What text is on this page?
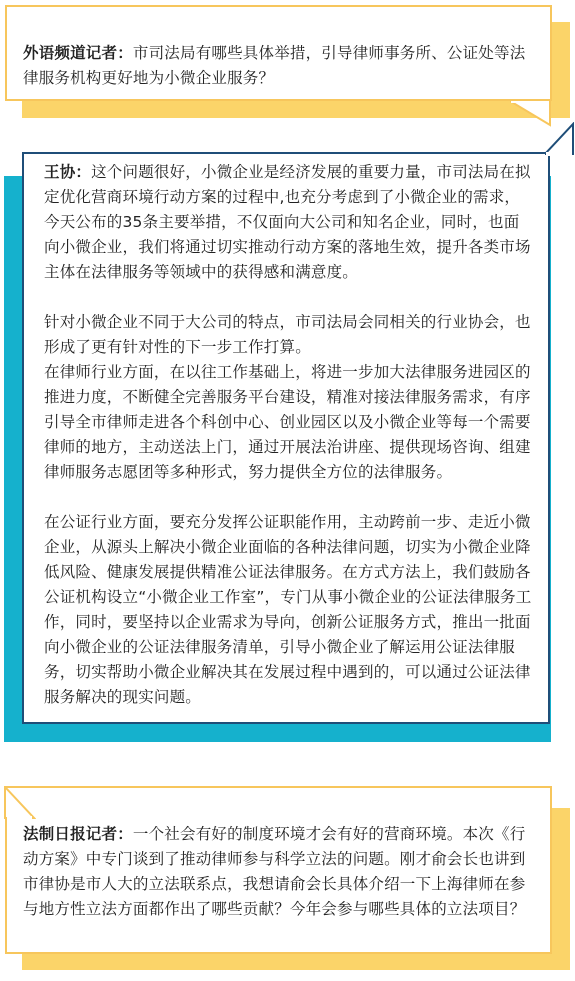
外语频道记者：市司法局有哪些具体举措，引导律师事务所、公证处等法律服务机构更好地为小微企业服务？

王协：这个问题很好，小微企业是经济发展的重要力量，市司法局在拟定优化营商环境行动方案的过程中,也充分考虑到了小微企业的需求，今天公布的35条主要举措，不仅面向大公司和知名企业，同时，也面向小微企业，我们将通过切实推动行动方案的落地生效，提升各类市场主体在法律服务等领域中的获得感和满意度。

针对小微企业不同于大公司的特点，市司法局会同相关的行业协会，也形成了更有针对性的下一步工作打算。

在律师行业方面，在以往工作基础上，将进一步加大法律服务进园区的推进力度，不断健全完善服务平台建设，精准对接法律服务需求，有序引导全市律师走进各个科创中心、创业园区以及小微企业等每一个需要律师的地方，主动送法上门，通过开展法治讲座、提供现场咨询、组建律师服务志愿团等多种形式，努力提供全方位的法律服务。

在公证行业方面，要充分发挥公证职能作用，主动跨前一步、走近小微企业，从源头上解决小微企业面临的各种法律问题，切实为小微企业降低风险、健康发展提供精准公证法律服务。在方式方法上，我们鼓励各公证机构设立“小微企业工作室”，专门从事小微企业的公证法律服务工作，同时，要坚持以企业需求为导向，创新公证服务方式，推出一批面向小微企业的公证法律服务清单，引导小微企业了解运用公证法律服务，切实帮助小微企业解决其在发展过程中遇到的，可以通过公证法律服务解决的现实问题。

法制日报记者：一个社会有好的制度环境才会有好的营商环境。本次《行动方案》中专门谈到了推动律师参与科学立法的问题。刚才俞会长也讲到市律协是市人大的立法联系点，我想请俞会长具体介绍一下上海律师在参与地方性立法方面都作出了哪些贡献？今年会参与哪些具体的立法项目？
